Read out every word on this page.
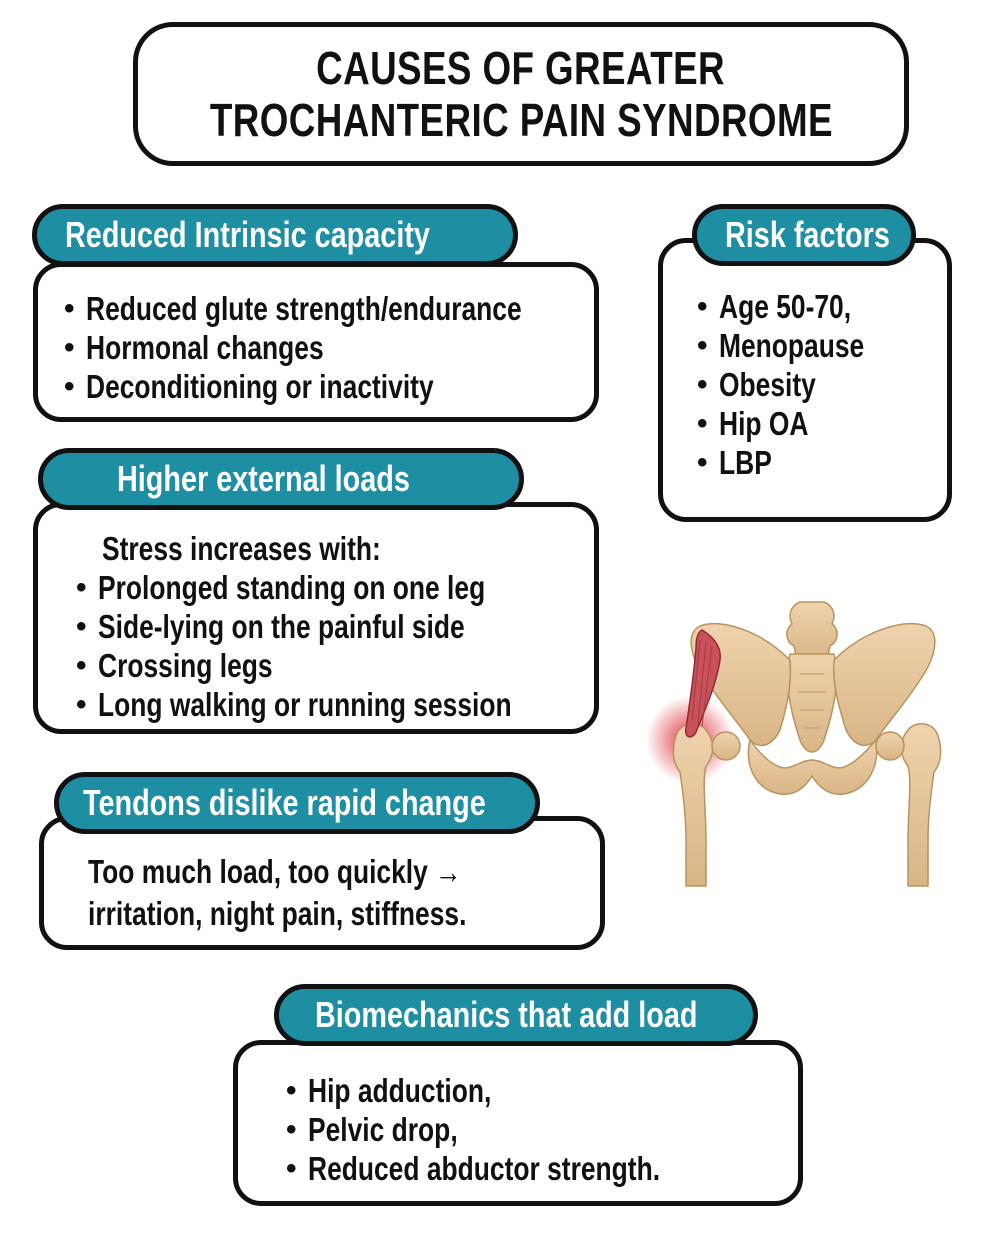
CAUSES OF GREATER
TROCHANTERIC PAIN SYNDROME
Reduced Intrinsic capacity
• Reduced glute strength/endurance
• Hormonal changes
• Deconditioning or inactivity
Risk factors
• Age 50-70,
• Menopause
• Obesity
• Hip OA
• LBP
Higher external loads
Stress increases with:
• Prolonged standing on one leg
• Side-lying on the painful side
• Crossing legs
• Long walking or running session
Tendons dislike rapid change
Too much load, too quickly →
irritation, night pain, stiffness.
Biomechanics that add load
• Hip adduction,
• Pelvic drop,
• Reduced abductor strength.
